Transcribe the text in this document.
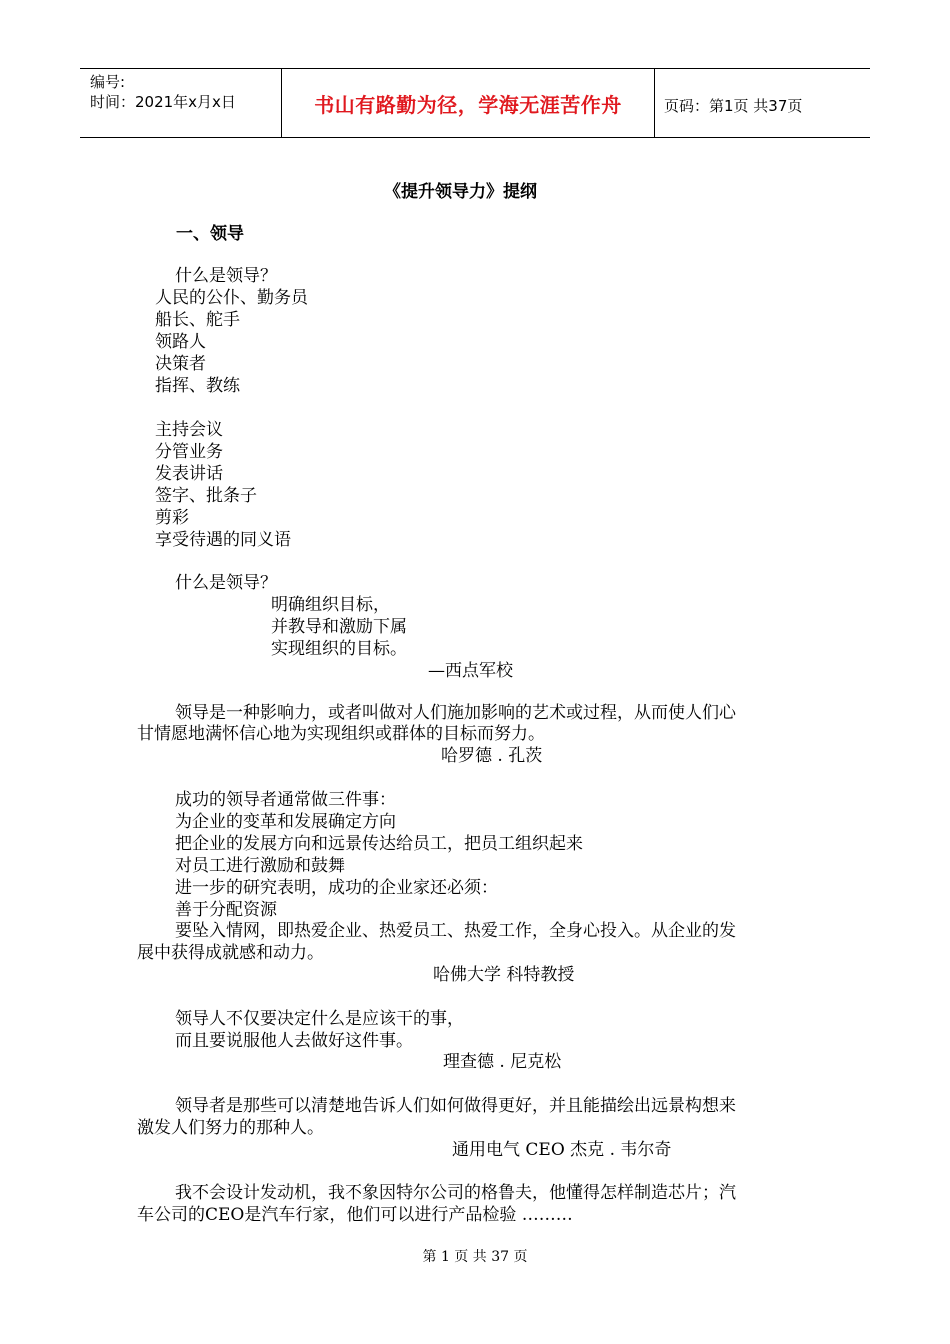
编号:
时间：2021年x月x日	书山有路勤为径，学海无涯苦作舟	页码：第1页 共37页
《提升领导力》提纲
一、领导
什么是领导？
人民的公仆、勤务员
船长、舵手
领路人
决策者
指挥、教练
主持会议
分管业务
发表讲话
签字、批条子
剪彩
享受待遇的同义语
什么是领导？
明确组织目标，
并教导和激励下属
实现组织的目标。
—西点军校
领导是一种影响力，或者叫做对人们施加影响的艺术或过程，从而使人们心
甘情愿地满怀信心地为实现组织或群体的目标而努力。
哈罗德 . 孔茨
成功的领导者通常做三件事：
为企业的变革和发展确定方向
把企业的发展方向和远景传达给员工，把员工组织起来
对员工进行激励和鼓舞
进一步的研究表明，成功的企业家还必须：
善于分配资源
要坠入情网，即热爱企业、热爱员工、热爱工作，全身心投入。从企业的发
展中获得成就感和动力。
哈佛大学 科特教授
领导人不仅要决定什么是应该干的事，
而且要说服他人去做好这件事。
理查德 . 尼克松
领导者是那些可以清楚地告诉人们如何做得更好，并且能描绘出远景构想来
激发人们努力的那种人。
通用电气 CEO 杰克 . 韦尔奇
我不会设计发动机，我不象因特尔公司的格鲁夫，他懂得怎样制造芯片；汽
车公司的CEO是汽车行家，他们可以进行产品检验 ………
第 1 页 共 37 页
